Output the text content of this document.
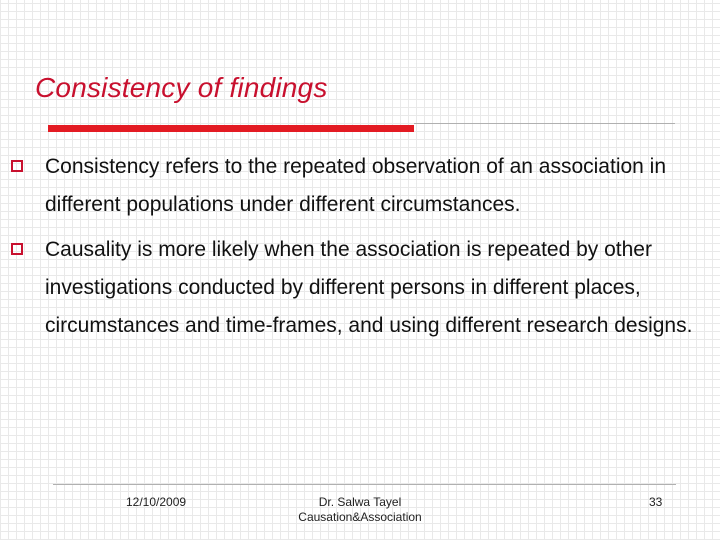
Consistency of findings
Consistency refers to the repeated observation of an association in different populations under different circumstances.
Causality is more likely when the association is repeated by other investigations conducted by different persons in different places, circumstances and time-frames, and using different research designs.
12/10/2009	Dr. Salwa Tayel
Causation&Association
33
